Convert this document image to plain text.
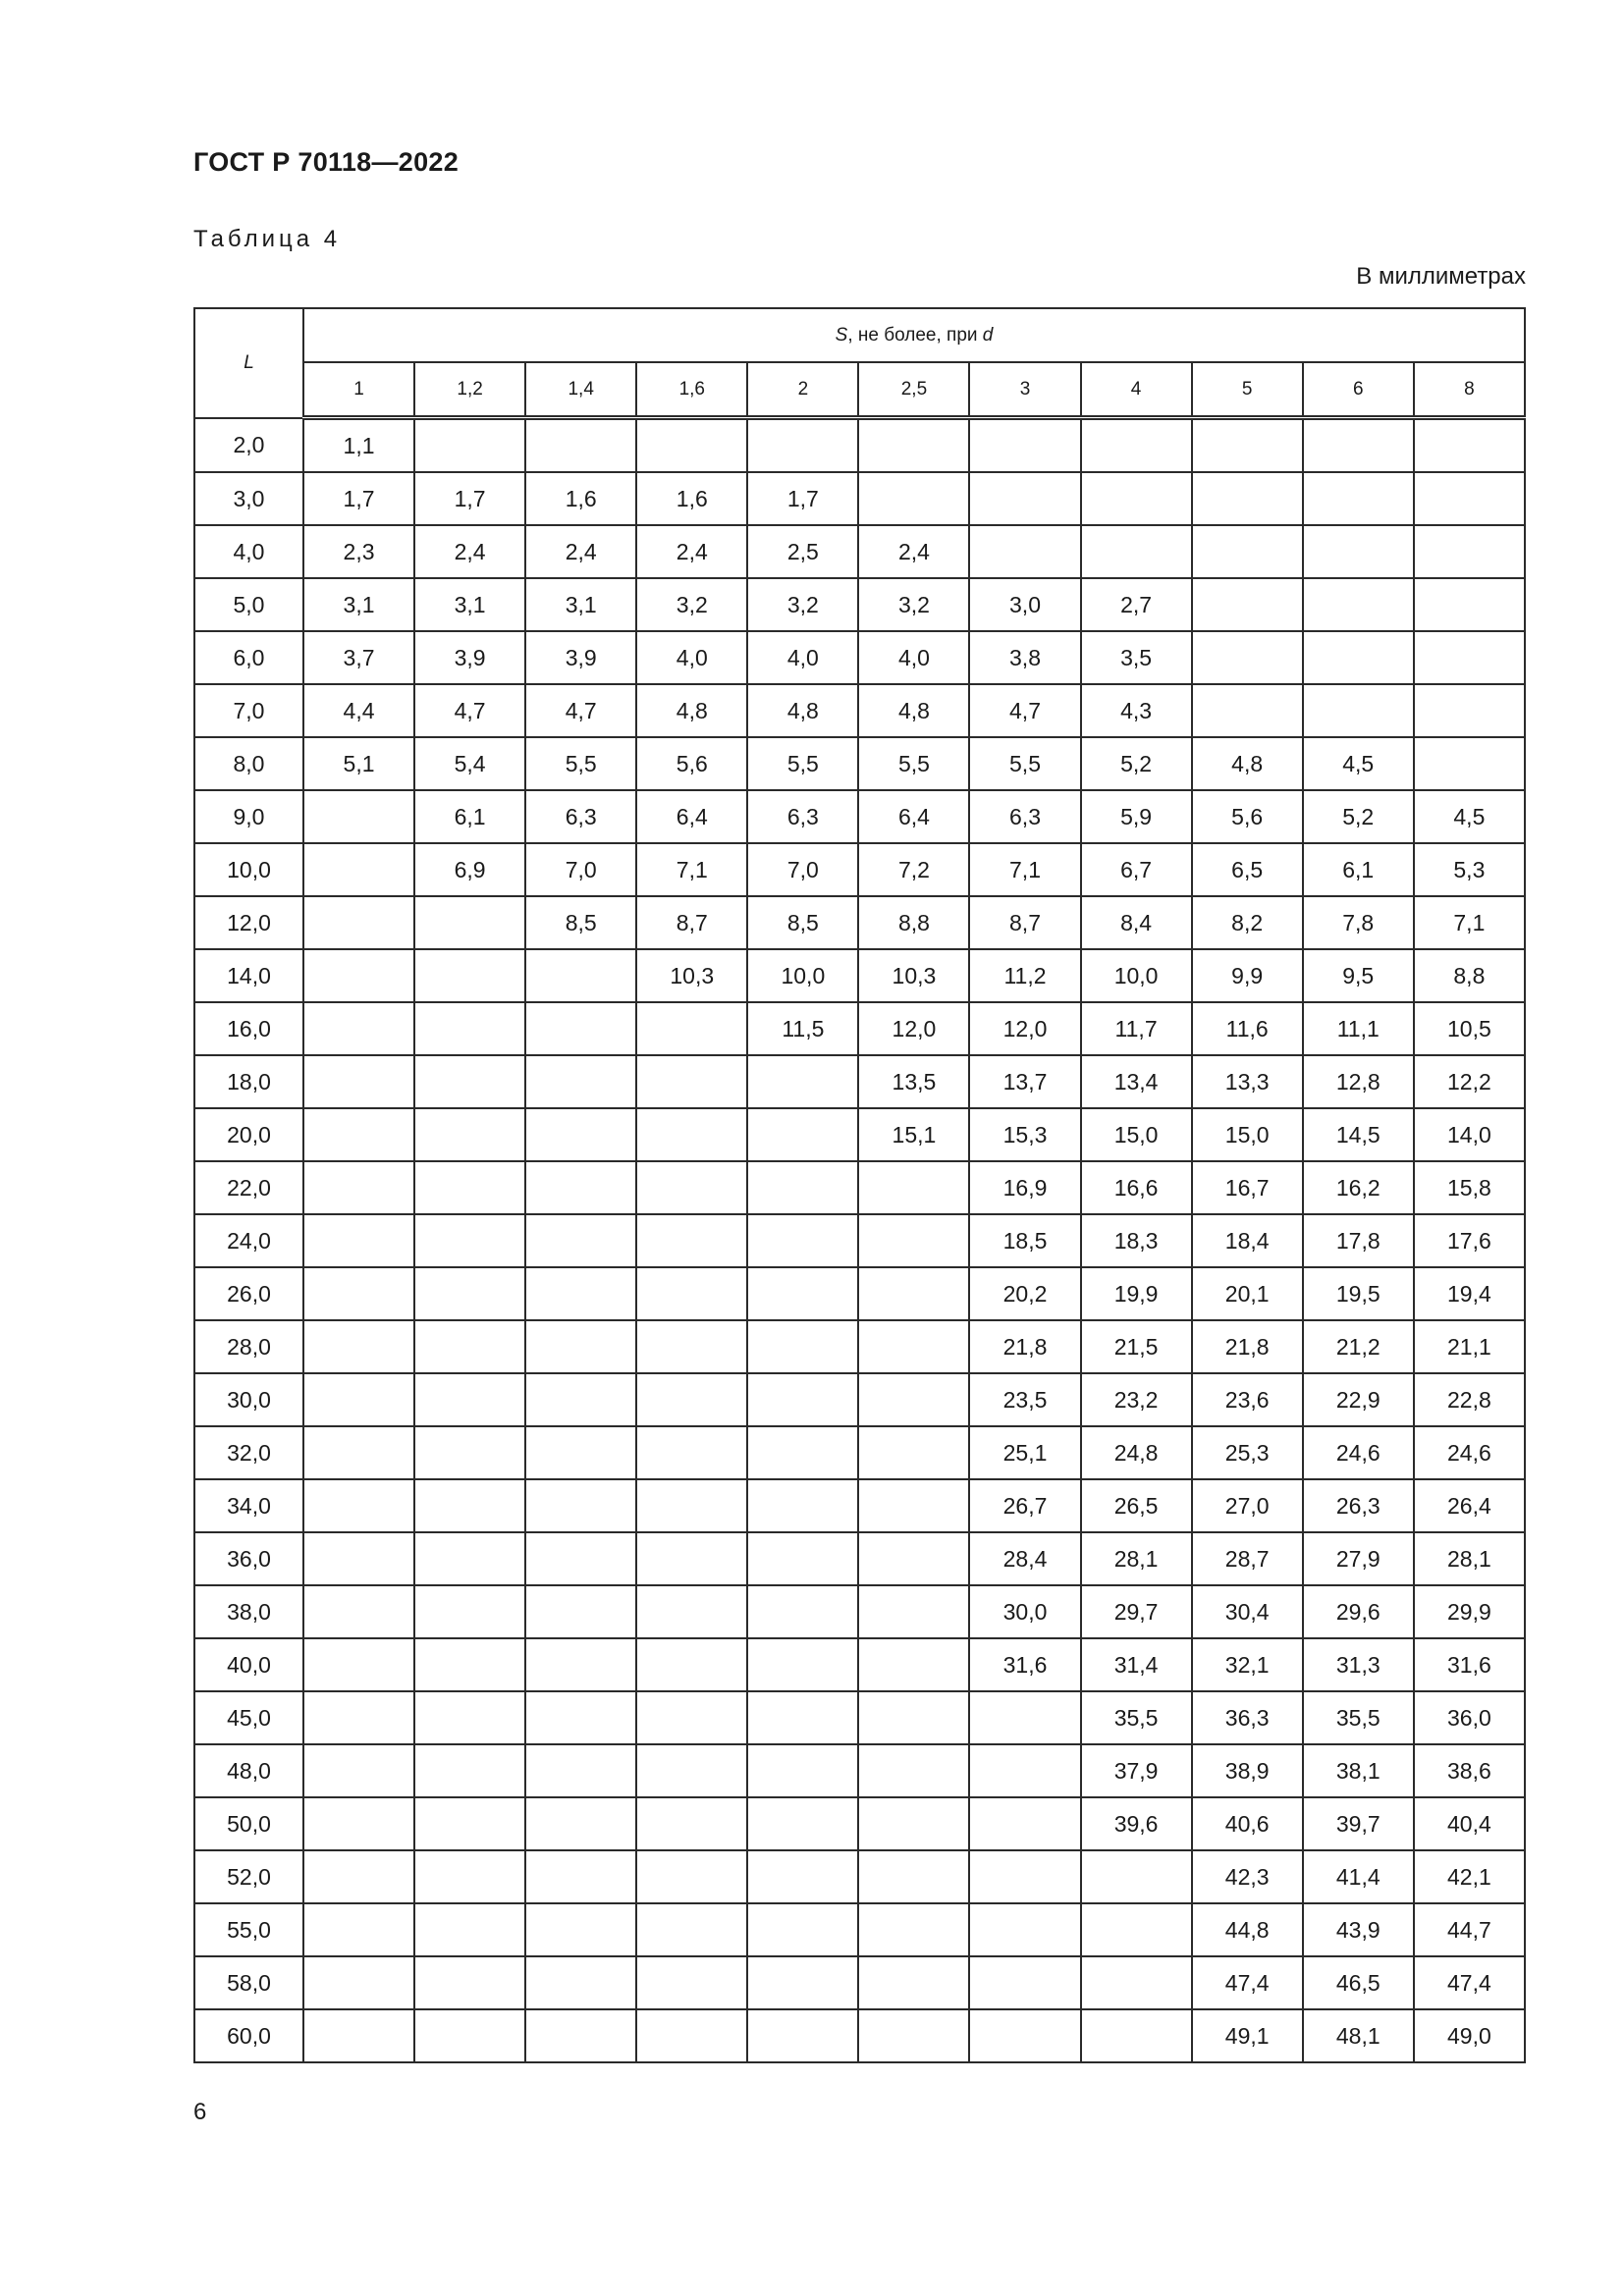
ГОСТ Р 70118—2022
Таблица 4
В миллиметрах
L	S, не более, при d										
	1	1,2	1,4	1,6	2	2,5	3	4	5	6	8
2,0	1,1										
3,0	1,7	1,7	1,6	1,6	1,7						
4,0	2,3	2,4	2,4	2,4	2,5	2,4					
5,0	3,1	3,1	3,1	3,2	3,2	3,2	3,0	2,7			
6,0	3,7	3,9	3,9	4,0	4,0	4,0	3,8	3,5			
7,0	4,4	4,7	4,7	4,8	4,8	4,8	4,7	4,3			
8,0	5,1	5,4	5,5	5,6	5,5	5,5	5,5	5,2	4,8	4,5	
9,0		6,1	6,3	6,4	6,3	6,4	6,3	5,9	5,6	5,2	4,5
10,0		6,9	7,0	7,1	7,0	7,2	7,1	6,7	6,5	6,1	5,3
12,0			8,5	8,7	8,5	8,8	8,7	8,4	8,2	7,8	7,1
14,0				10,3	10,0	10,3	11,2	10,0	9,9	9,5	8,8
16,0					11,5	12,0	12,0	11,7	11,6	11,1	10,5
18,0						13,5	13,7	13,4	13,3	12,8	12,2
20,0						15,1	15,3	15,0	15,0	14,5	14,0
22,0							16,9	16,6	16,7	16,2	15,8
24,0							18,5	18,3	18,4	17,8	17,6
26,0							20,2	19,9	20,1	19,5	19,4
28,0							21,8	21,5	21,8	21,2	21,1
30,0							23,5	23,2	23,6	22,9	22,8
32,0							25,1	24,8	25,3	24,6	24,6
34,0							26,7	26,5	27,0	26,3	26,4
36,0							28,4	28,1	28,7	27,9	28,1
38,0							30,0	29,7	30,4	29,6	29,9
40,0							31,6	31,4	32,1	31,3	31,6
45,0								35,5	36,3	35,5	36,0
48,0								37,9	38,9	38,1	38,6
50,0								39,6	40,6	39,7	40,4
52,0									42,3	41,4	42,1
55,0									44,8	43,9	44,7
58,0									47,4	46,5	47,4
60,0									49,1	48,1	49,0
6
